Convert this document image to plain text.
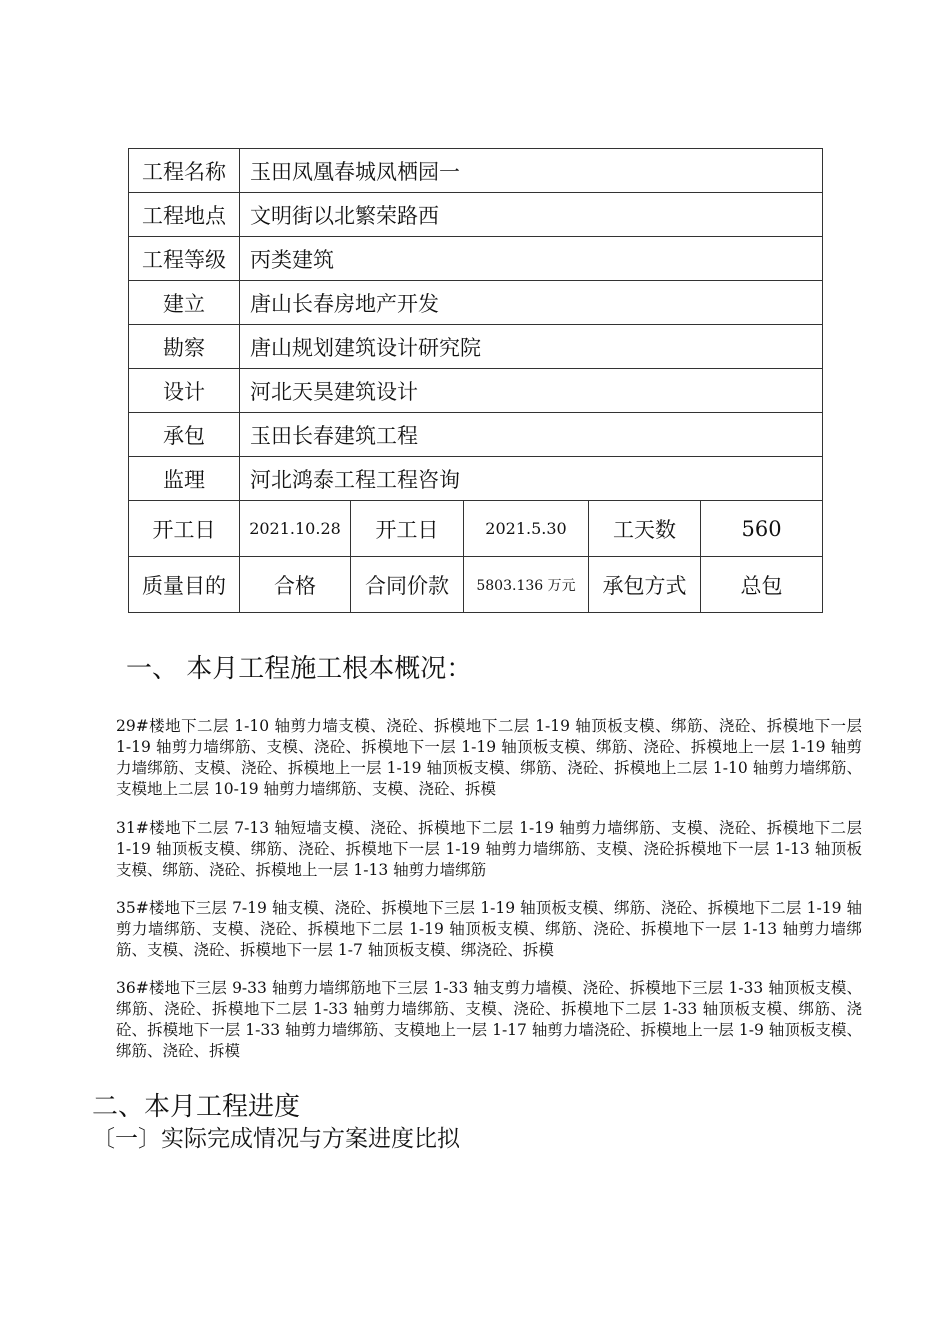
工程名称	玉田凤凰春城凤栖园一				
工程地点	文明街以北繁荣路西				
工程等级	丙类建筑				
建立	唐山长春房地产开发				
勘察	唐山规划建筑设计研究院				
设计	河北天昊建筑设计				
承包	玉田长春建筑工程				
监理	河北鸿泰工程工程咨询				
开工日	2021.10.28	开工日	2021.5.30	工天数	560
质量目的	合格	合同价款	5803.136 万元	承包方式	总包
一、 本月工程施工根本概况：

29#楼地下二层 1-10 轴剪力墙支模、浇砼、拆模地下二层 1-19 轴顶板支模、绑筋、浇砼、拆模地下一层 1-19 轴剪力墙绑筋、支模、浇砼、拆模地下一层 1-19 轴顶板支模、绑筋、浇砼、拆模地上一层 1-19 轴剪力墙绑筋、支模、浇砼、拆模地上一层 1-19 轴顶板支模、绑筋、浇砼、拆模地上二层 1-10 轴剪力墙绑筋、支模地上二层 10-19 轴剪力墙绑筋、支模、浇砼、拆模

31#楼地下二层 7-13 轴短墙支模、浇砼、拆模地下二层 1-19 轴剪力墙绑筋、支模、浇砼、拆模地下二层 1-19 轴顶板支模、绑筋、浇砼、拆模地下一层 1-19 轴剪力墙绑筋、支模、浇砼拆模地下一层 1-13 轴顶板支模、绑筋、浇砼、拆模地上一层 1-13 轴剪力墙绑筋

35#楼地下三层 7-19 轴支模、浇砼、拆模地下三层 1-19 轴顶板支模、绑筋、浇砼、拆模地下二层 1-19 轴剪力墙绑筋、支模、浇砼、拆模地下二层 1-19 轴顶板支模、绑筋、浇砼、拆模地下一层 1-13 轴剪力墙绑筋、支模、浇砼、拆模地下一层 1-7 轴顶板支模、绑浇砼、拆模

36#楼地下三层 9-33 轴剪力墙绑筋地下三层 1-33 轴支剪力墙模、浇砼、拆模地下三层 1-33 轴顶板支模、绑筋、浇砼、拆模地下二层 1-33 轴剪力墙绑筋、支模、浇砼、拆模地下二层 1-33 轴顶板支模、绑筋、浇砼、拆模地下一层 1-33 轴剪力墙绑筋、支模地上一层 1-17 轴剪力墙浇砼、拆模地上一层 1-9 轴顶板支模、绑筋、浇砼、拆模

二、本月工程进度
〔一〕实际完成情况与方案进度比拟
